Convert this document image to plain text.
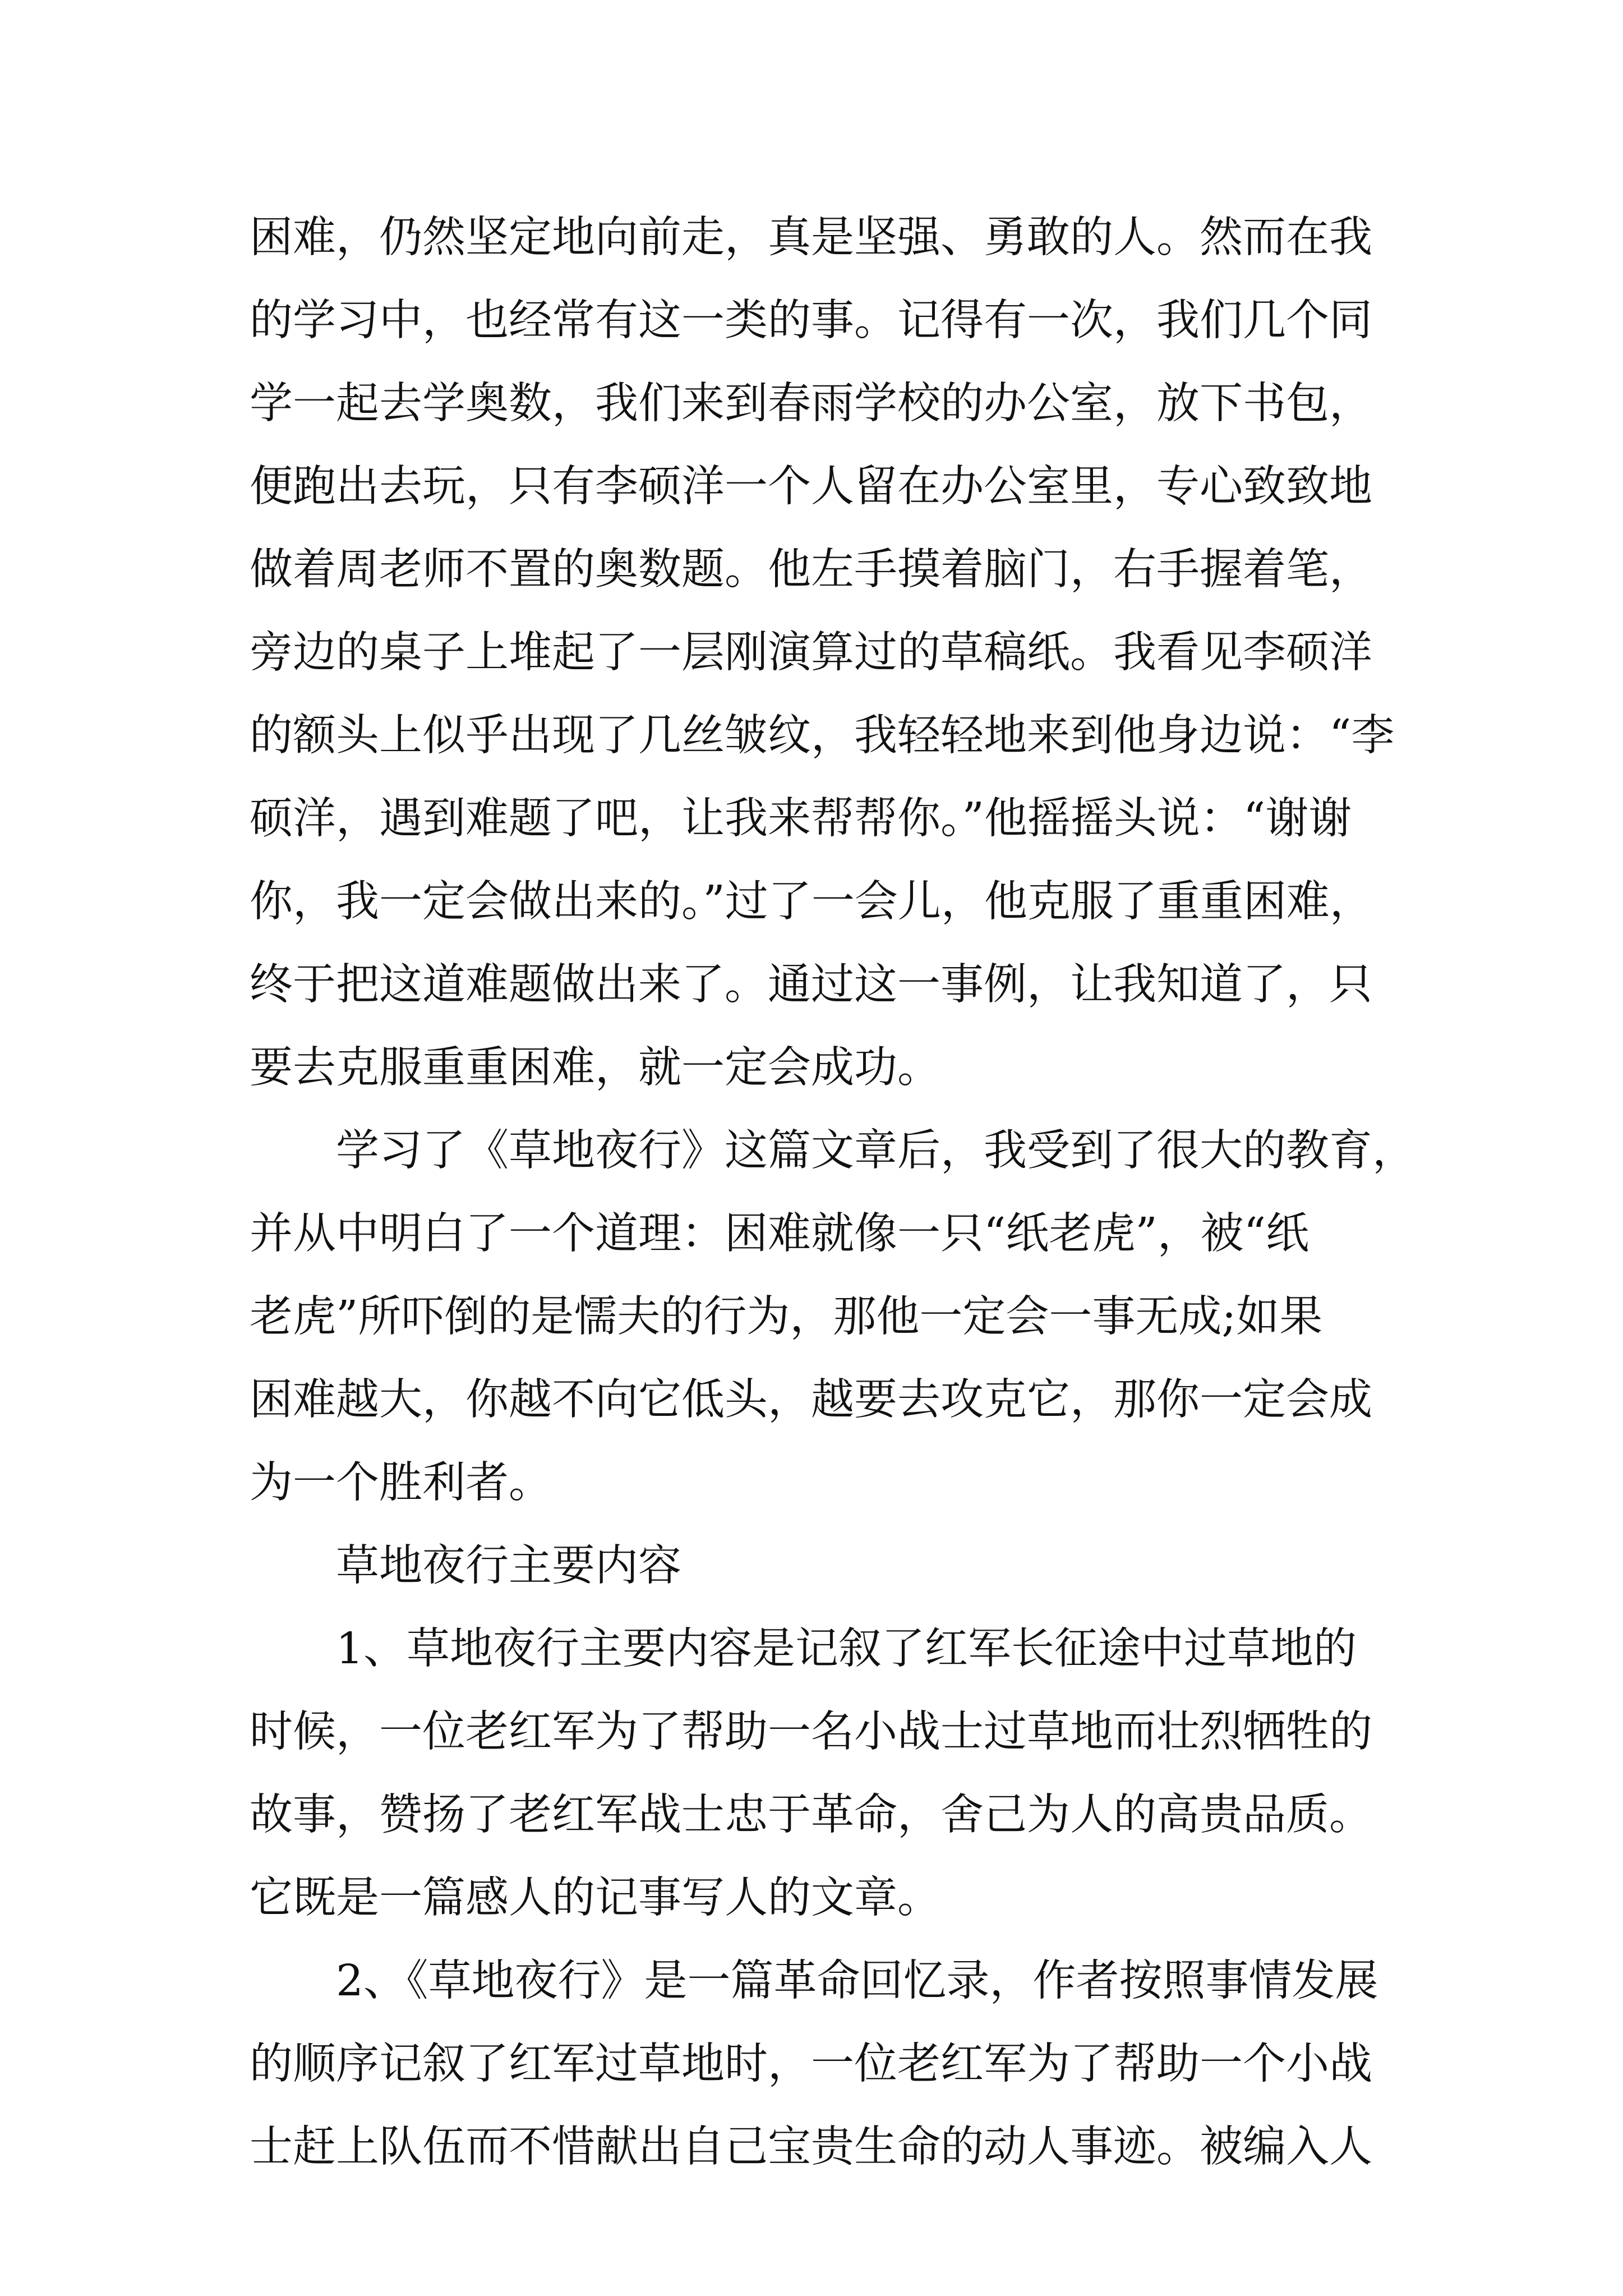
困难，仍然坚定地向前走，真是坚强、勇敢的人。然而在我
的学习中，也经常有这一类的事。记得有一次，我们几个同
学一起去学奥数，我们来到春雨学校的办公室，放下书包，
便跑出去玩，只有李硕洋一个人留在办公室里，专心致致地
做着周老师不置的奥数题。他左手摸着脑门，右手握着笔，
旁边的桌子上堆起了一层刚演算过的草稿纸。我看见李硕洋
的额头上似乎出现了几丝皱纹，我轻轻地来到他身边说：“李
硕洋，遇到难题了吧，让我来帮帮你。”他摇摇头说：“谢谢
你，我一定会做出来的。”过了一会儿，他克服了重重困难，
终于把这道难题做出来了。通过这一事例，让我知道了，只
要去克服重重困难，就一定会成功。

学习了《草地夜行》这篇文章后，我受到了很大的教育，
并从中明白了一个道理：困难就像一只“纸老虎”，被“纸
老虎”所吓倒的是懦夫的行为，那他一定会一事无成;如果
困难越大，你越不向它低头，越要去攻克它，那你一定会成
为一个胜利者。

草地夜行主要内容

1、草地夜行主要内容是记叙了红军长征途中过草地的
时候，一位老红军为了帮助一名小战士过草地而壮烈牺牲的
故事，赞扬了老红军战士忠于革命，舍己为人的高贵品质。
它既是一篇感人的记事写人的文章。

2、《草地夜行》是一篇革命回忆录，作者按照事情发展
的顺序记叙了红军过草地时，一位老红军为了帮助一个小战
士赶上队伍而不惜献出自己宝贵生命的动人事迹。被编入人
